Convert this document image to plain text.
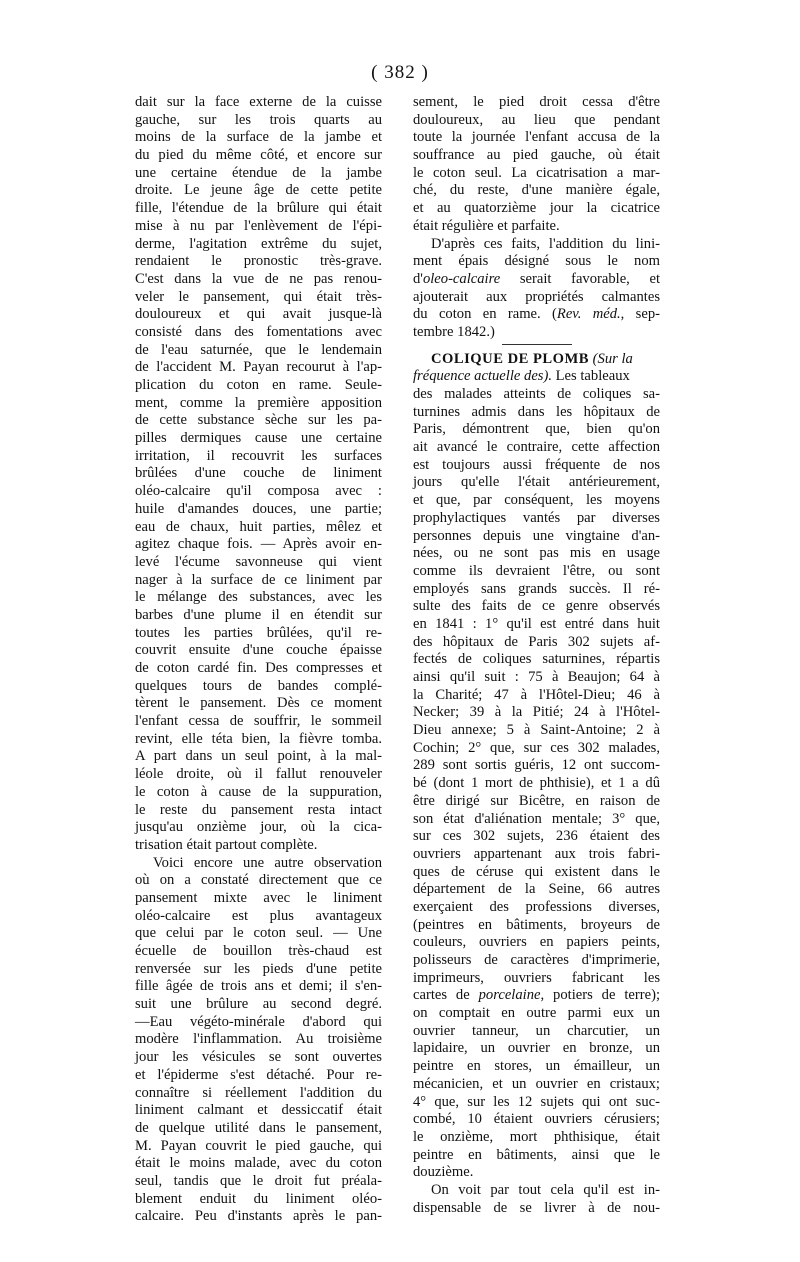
( 382 )

dait sur la face externe de la cuisse
gauche, sur les trois quarts au
moins de la surface de la jambe et
du pied du même côté, et encore sur
une certaine étendue de la jambe
droite. Le jeune âge de cette petite
fille, l'étendue de la brûlure qui était
mise à nu par l'enlèvement de l'épi-
derme, l'agitation extrême du sujet,
rendaient le pronostic très-grave.
C'est dans la vue de ne pas renou-
veler le pansement, qui était très-
douloureux et qui avait jusque-là
consisté dans des fomentations avec
de l'eau saturnée, que le lendemain
de l'accident M. Payan recourut à l'ap-
plication du coton en rame. Seule-
ment, comme la première apposition
de cette substance sèche sur les pa-
pilles dermiques cause une certaine
irritation, il recouvrit les surfaces
brûlées d'une couche de liniment
oléo-calcaire qu'il composa avec :
huile d'amandes douces, une partie;
eau de chaux, huit parties, mêlez et
agitez chaque fois. — Après avoir en-
levé l'écume savonneuse qui vient
nager à la surface de ce liniment par
le mélange des substances, avec les
barbes d'une plume il en étendit sur
toutes les parties brûlées, qu'il re-
couvrit ensuite d'une couche épaisse
de coton cardé fin. Des compresses et
quelques tours de bandes complé-
tèrent le pansement. Dès ce moment
l'enfant cessa de souffrir, le sommeil
revint, elle téta bien, la fièvre tomba.
A part dans un seul point, à la mal-
léole droite, où il fallut renouveler
le coton à cause de la suppuration,
le reste du pansement resta intact
jusqu'au onzième jour, où la cica-
trisation était partout complète.
Voici encore une autre observation
où on a constaté directement que ce
pansement mixte avec le liniment
oléo-calcaire est plus avantageux
que celui par le coton seul. — Une
écuelle de bouillon très-chaud est
renversée sur les pieds d'une petite
fille âgée de trois ans et demi; il s'en-
suit une brûlure au second degré.
—Eau végéto-minérale d'abord qui
modère l'inflammation. Au troisième
jour les vésicules se sont ouvertes
et l'épiderme s'est détaché. Pour re-
connaître si réellement l'addition du
liniment calmant et dessiccatif était
de quelque utilité dans le pansement,
M. Payan couvrit le pied gauche, qui
était le moins malade, avec du coton
seul, tandis que le droit fut préala-
blement enduit du liniment oléo-
calcaire. Peu d'instants après le pan-

sement, le pied droit cessa d'être
douloureux, au lieu que pendant
toute la journée l'enfant accusa de la
souffrance au pied gauche, où était
le coton seul. La cicatrisation a mar-
ché, du reste, d'une manière égale,
et au quatorzième jour la cicatrice
était régulière et parfaite.

D'après ces faits, l'addition du lini-
ment épais désigné sous le nom
d'oleo-calcaire serait favorable, et
ajouterait aux propriétés calmantes
du coton en rame. (Rev. méd., sep-
tembre 1842.)

COLIQUE DE PLOMB (Sur la
fréquence actuelle des). Les tableaux
des malades atteints de coliques sa-
turnines admis dans les hôpitaux de
Paris, démontrent que, bien qu'on
ait avancé le contraire, cette affection
est toujours aussi fréquente de nos
jours qu'elle l'était antérieurement,
et que, par conséquent, les moyens
prophylactiques vantés par diverses
personnes depuis une vingtaine d'an-
nées, ou ne sont pas mis en usage
comme ils devraient l'être, ou sont
employés sans grands succès. Il ré-
sulte des faits de ce genre observés
en 1841 : 1° qu'il est entré dans huit
des hôpitaux de Paris 302 sujets af-
fectés de coliques saturnines, répartis
ainsi qu'il suit : 75 à Beaujon; 64 à
la Charité; 47 à l'Hôtel-Dieu; 46 à
Necker; 39 à la Pitié; 24 à l'Hôtel-
Dieu annexe; 5 à Saint-Antoine; 2 à
Cochin; 2° que, sur ces 302 malades,
289 sont sortis guéris, 12 ont succom-
bé (dont 1 mort de phthisie), et 1 a dû
être dirigé sur Bicêtre, en raison de
son état d'aliénation mentale; 3° que,
sur ces 302 sujets, 236 étaient des
ouvriers appartenant aux trois fabri-
ques de céruse qui existent dans le
département de la Seine, 66 autres
exerçaient des professions diverses,
(peintres en bâtiments, broyeurs de
couleurs, ouvriers en papiers peints,
polisseurs de caractères d'imprimerie,
imprimeurs, ouvriers fabricant les
cartes de porcelaine, potiers de terre);
on comptait en outre parmi eux un
ouvrier tanneur, un charcutier, un
lapidaire, un ouvrier en bronze, un
peintre en stores, un émailleur, un
mécanicien, et un ouvrier en cristaux;
4° que, sur les 12 sujets qui ont suc-
combé, 10 étaient ouvriers cérusiers;
le onzième, mort phthisique, était
peintre en bâtiments, ainsi que le
douzième.

On voit par tout cela qu'il est in-
dispensable de se livrer à de nou-
